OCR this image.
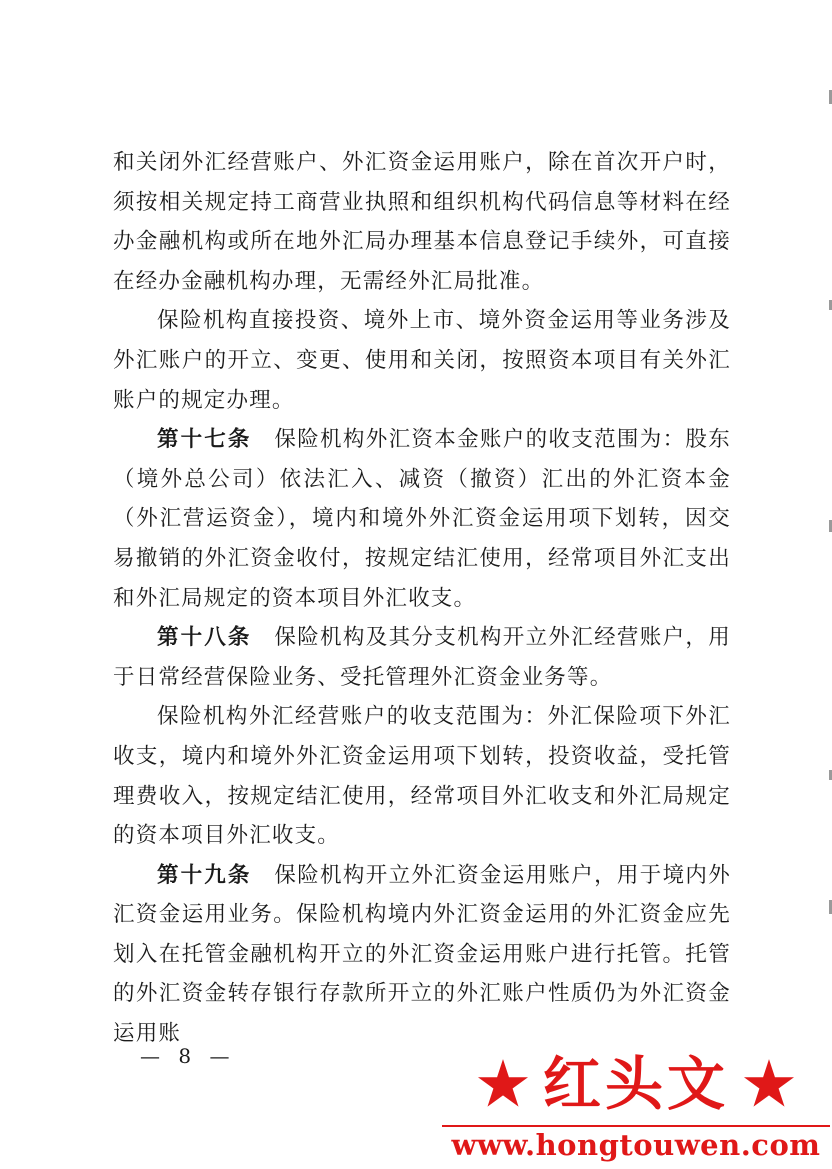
和关闭外汇经营账户、外汇资金运用账户，除在首次开户时，须按相关规定持工商营业执照和组织机构代码信息等材料在经办金融机构或所在地外汇局办理基本信息登记手续外，可直接在经办金融机构办理，无需经外汇局批准。

保险机构直接投资、境外上市、境外资金运用等业务涉及外汇账户的开立、变更、使用和关闭，按照资本项目有关外汇账户的规定办理。

第十七条  保险机构外汇资本金账户的收支范围为：股东（境外总公司）依法汇入、减资（撤资）汇出的外汇资本金（外汇营运资金），境内和境外外汇资金运用项下划转，因交易撤销的外汇资金收付，按规定结汇使用，经常项目外汇支出和外汇局规定的资本项目外汇收支。

第十八条  保险机构及其分支机构开立外汇经营账户，用于日常经营保险业务、受托管理外汇资金业务等。

保险机构外汇经营账户的收支范围为：外汇保险项下外汇收支，境内和境外外汇资金运用项下划转，投资收益，受托管理费收入，按规定结汇使用，经常项目外汇收支和外汇局规定的资本项目外汇收支。

第十九条  保险机构开立外汇资金运用账户，用于境内外汇资金运用业务。保险机构境内外汇资金运用的外汇资金应先划入在托管金融机构开立的外汇资金运用账户进行托管。托管的外汇资金转存银行存款所开立的外汇账户性质仍为外汇资金运用账

— 8 —	★ 红头文 ★
www.hongtouwen.com
